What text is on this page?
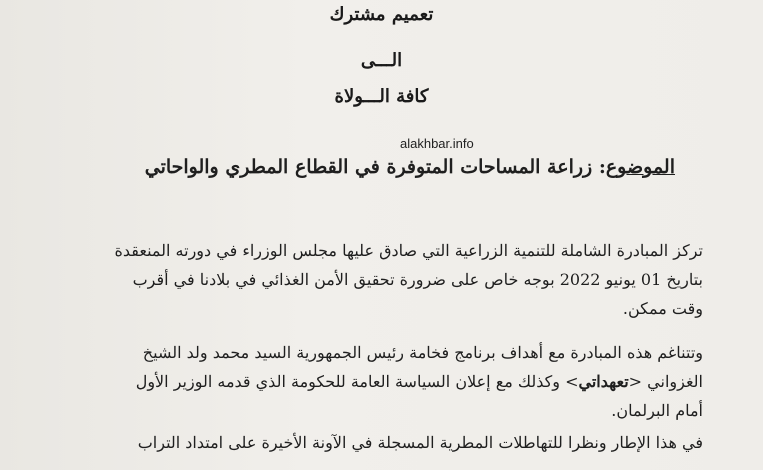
تعميم مشترك
الـــى
كافة الـــولاة
alakhbar.info
الموضوع: زراعة المساحات المتوفرة في القطاع المطري والواحاتي
تركز المبادرة الشاملة للتنمية الزراعية التي صادق عليها مجلس الوزراء في دورته المنعقدة
بتاريخ 01 يونيو 2022 بوجه خاص على ضرورة تحقيق الأمن الغذائي في بلادنا في أقرب
وقت ممكن.
وتتناغم هذه المبادرة مع أهداف برنامج فخامة رئيس الجمهورية السيد محمد ولد الشيخ
الغزواني <تعهداتي> وكذلك مع إعلان السياسة العامة للحكومة الذي قدمه الوزير الأول
أمام البرلمان.
في هذا الإطار ونظرا للتهاطلات المطرية المسجلة في الآونة الأخيرة على امتداد التراب
